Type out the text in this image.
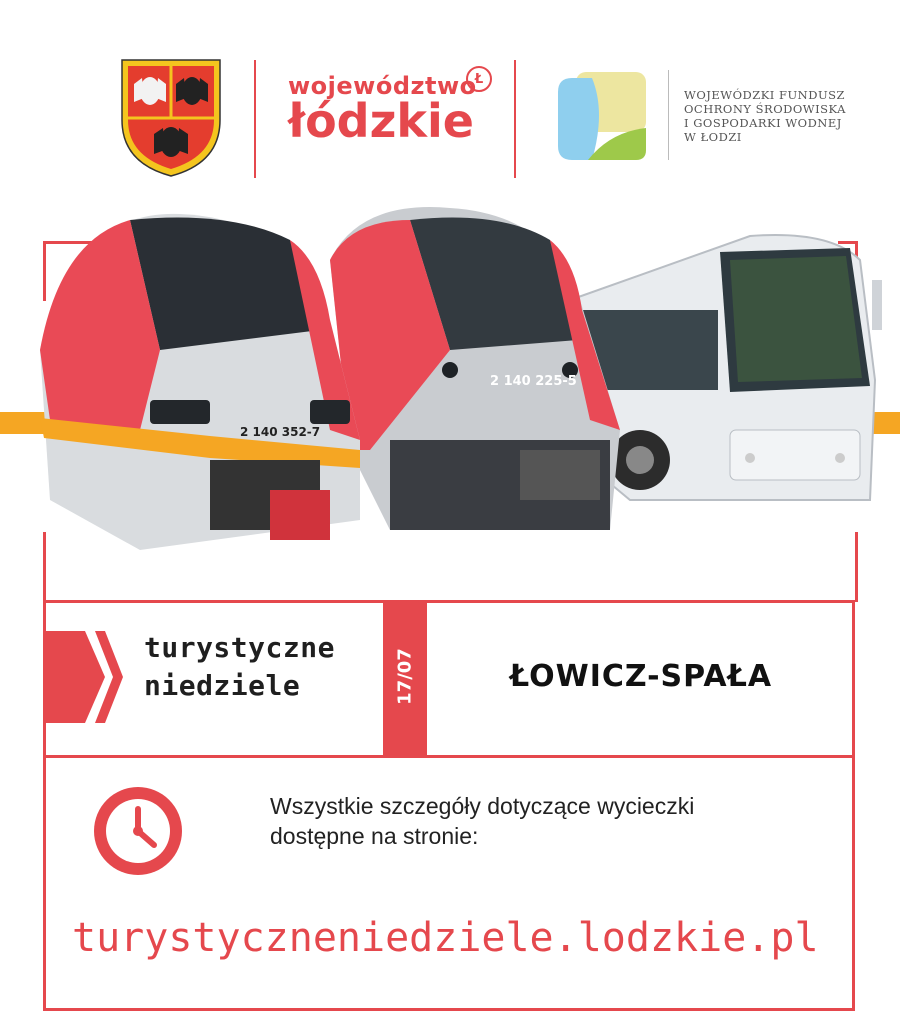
województwo
łódzkie
Ł
WOJEWÓDZKI FUNDUSZ
OCHRONY ŚRODOWISKA
I GOSPODARKI WODNEJ
W ŁODZI
2 140 225-5
2 140 352-7
turystyczne
niedziele	17/07	ŁOWICZ-SPAŁA
Wszystkie szczegóły dotyczące wycieczki
dostępne na stronie:
turystyczneniedziele.lodzkie.pl
